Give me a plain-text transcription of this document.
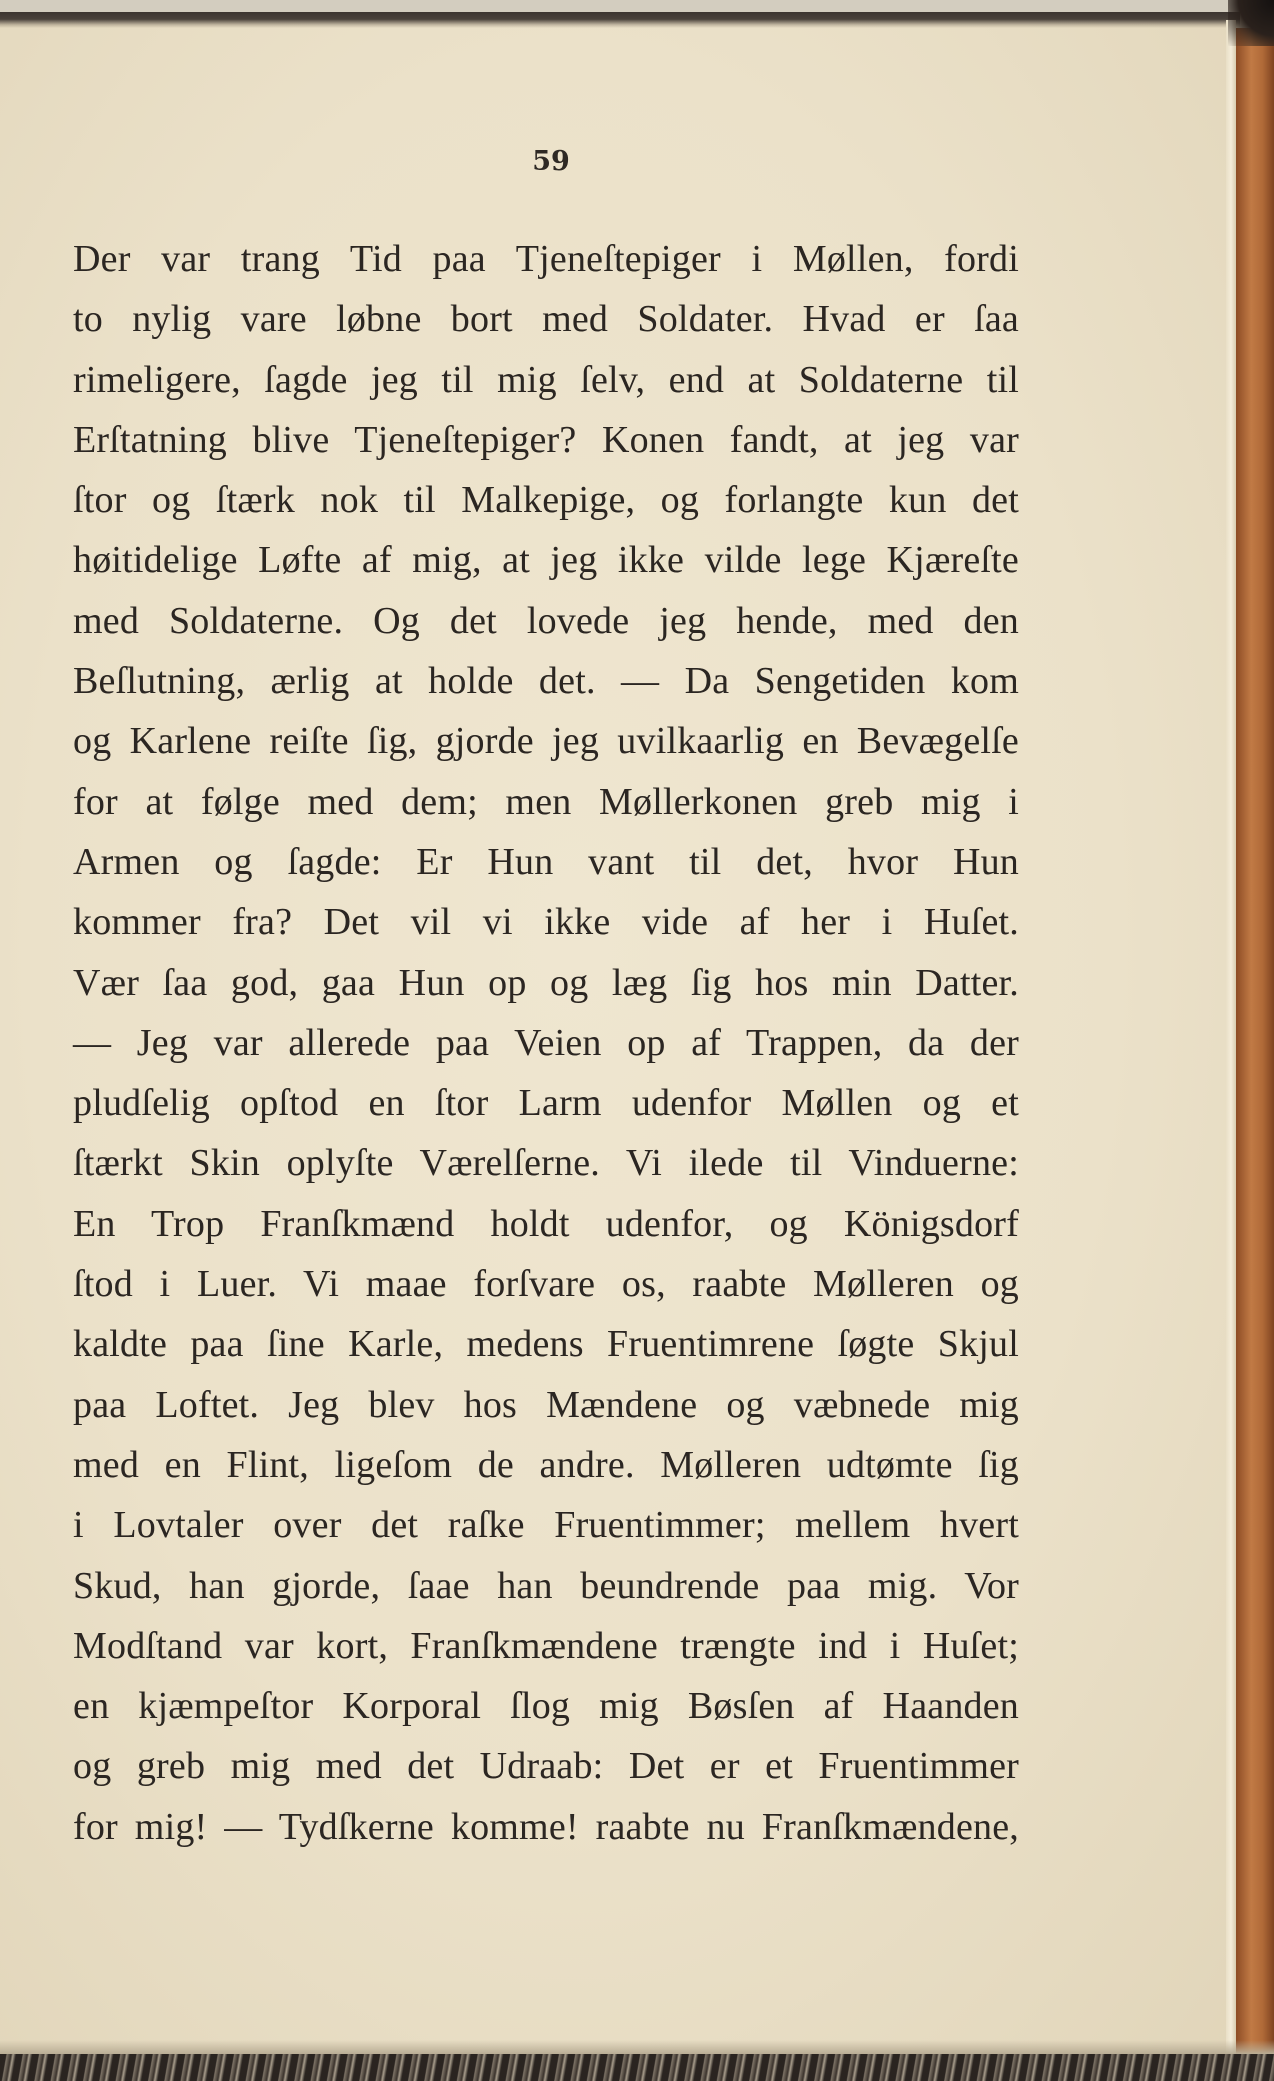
59
Der var trang Tid paa Tjeneſtepiger i Møllen, fordi
to nylig vare løbne bort med Soldater. Hvad er ſaa
rimeligere, ſagde jeg til mig ſelv, end at Soldaterne til
Erſtatning blive Tjeneſtepiger? Konen fandt, at jeg var
ſtor og ſtærk nok til Malkepige, og forlangte kun det
høitidelige Løfte af mig, at jeg ikke vilde lege Kjæreſte
med Soldaterne. Og det lovede jeg hende, med den
Beſlutning, ærlig at holde det. — Da Sengetiden kom
og Karlene reiſte ſig, gjorde jeg uvilkaarlig en Bevægelſe
for at følge med dem; men Møllerkonen greb mig i
Armen og ſagde: Er Hun vant til det, hvor Hun
kommer fra? Det vil vi ikke vide af her i Huſet.
Vær ſaa god, gaa Hun op og læg ſig hos min Datter.
— Jeg var allerede paa Veien op af Trappen, da der
pludſelig opſtod en ſtor Larm udenfor Møllen og et
ſtærkt Skin oplyſte Værelſerne. Vi ilede til Vinduerne:
En Trop Franſkmænd holdt udenfor, og Königsdorf
ſtod i Luer. Vi maae forſvare os, raabte Mølleren og
kaldte paa ſine Karle, medens Fruentimrene ſøgte Skjul
paa Loftet. Jeg blev hos Mændene og væbnede mig
med en Flint, ligeſom de andre. Mølleren udtømte ſig
i Lovtaler over det raſke Fruentimmer; mellem hvert
Skud, han gjorde, ſaae han beundrende paa mig. Vor
Modſtand var kort, Franſkmændene trængte ind i Huſet;
en kjæmpeſtor Korporal ſlog mig Bøsſen af Haanden
og greb mig med det Udraab: Det er et Fruentimmer
for mig! — Tydſkerne komme! raabte nu Franſkmændene,
